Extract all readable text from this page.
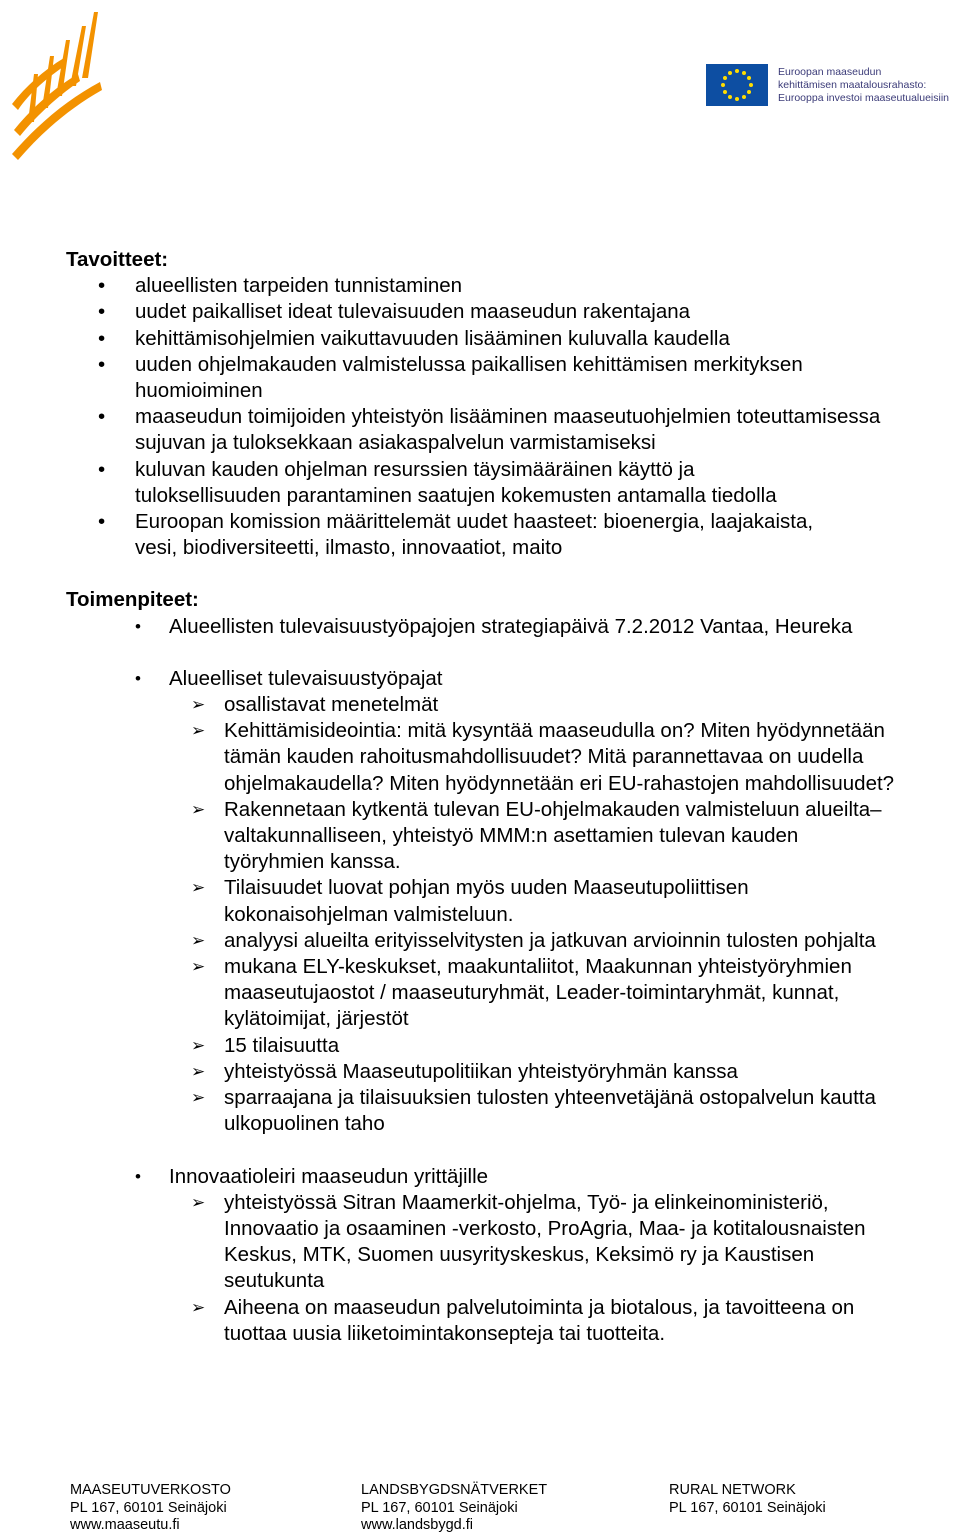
Euroopan maaseudun
kehittämisen maatalousrahasto:
Eurooppa investoi maaseutualueisiin

Tavoitteet:

• alueellisten tarpeiden tunnistaminen
• uudet paikalliset ideat tulevaisuuden maaseudun rakentajana
• kehittämisohjelmien vaikuttavuuden lisääminen kuluvalla kaudella
• uuden ohjelmakauden valmistelussa paikallisen kehittämisen merkityksen huomioiminen
• maaseudun toimijoiden yhteistyön lisääminen maaseutuohjelmien toteuttamisessa sujuvan ja tuloksekkaan asiakaspalvelun varmistamiseksi
• kuluvan kauden ohjelman resurssien täysimääräinen käyttö ja tuloksellisuuden parantaminen saatujen kokemusten antamalla tiedolla
• Euroopan komission määrittelemät uudet haasteet: bioenergia, laajakaista, vesi, biodiversiteetti, ilmasto, innovaatiot, maito

Toimenpiteet:

• Alueellisten tulevaisuustyöpajojen strategiapäivä 7.2.2012 Vantaa, Heureka
• Alueelliset tulevaisuustyöpajat
➢ osallistavat menetelmät
➢ Kehittämisideointia: mitä kysyntää maaseudulla on? Miten hyödynnetään tämän kauden rahoitusmahdollisuudet? Mitä parannettavaa on uudella ohjelmakaudella? Miten hyödynnetään eri EU-rahastojen mahdollisuudet?
➢ Rakennetaan kytkentä tulevan EU-ohjelmakauden valmisteluun alueilta–valtakunnalliseen, yhteistyö MMM:n asettamien tulevan kauden työryhmien kanssa.
➢ Tilaisuudet luovat pohjan myös uuden Maaseutupoliittisen kokonaisohjelman valmisteluun.
➢ analyysi alueilta erityisselvitysten ja jatkuvan arvioinnin tulosten pohjalta
➢ mukana ELY-keskukset, maakuntaliitot, Maakunnan yhteistyöryhmien maaseutujaostot / maaseuturyhmät, Leader-toimintaryhmät, kunnat, kylätoimijat, järjestöt
➢ 15 tilaisuutta
➢ yhteistyössä Maaseutupolitiikan yhteistyöryhmän kanssa
➢ sparraajana ja tilaisuuksien tulosten yhteenvetäjänä ostopalvelun kautta ulkopuolinen taho
• Innovaatioleiri maaseudun yrittäjille
➢ yhteistyössä Sitran Maamerkit-ohjelma, Työ- ja elinkeinoministeriö, Innovaatio ja osaaminen -verkosto, ProAgria, Maa- ja kotitalousnaisten Keskus, MTK, Suomen uusyrityskeskus, Keksimö ry ja Kaustisen seutukunta
➢ Aiheena on maaseudun palvelutoiminta ja biotalous, ja tavoitteena on tuottaa uusia liiketoimintakonsepteja tai tuotteita.
MAASEUTUVERKOSTO
PL 167, 60101 Seinäjoki
www.maaseutu.fi
LANDSBYGDSNÄTVERKET
PL 167, 60101 Seinäjoki
www.landsbygd.fi
RURAL NETWORK
PL 167, 60101 Seinäjoki
